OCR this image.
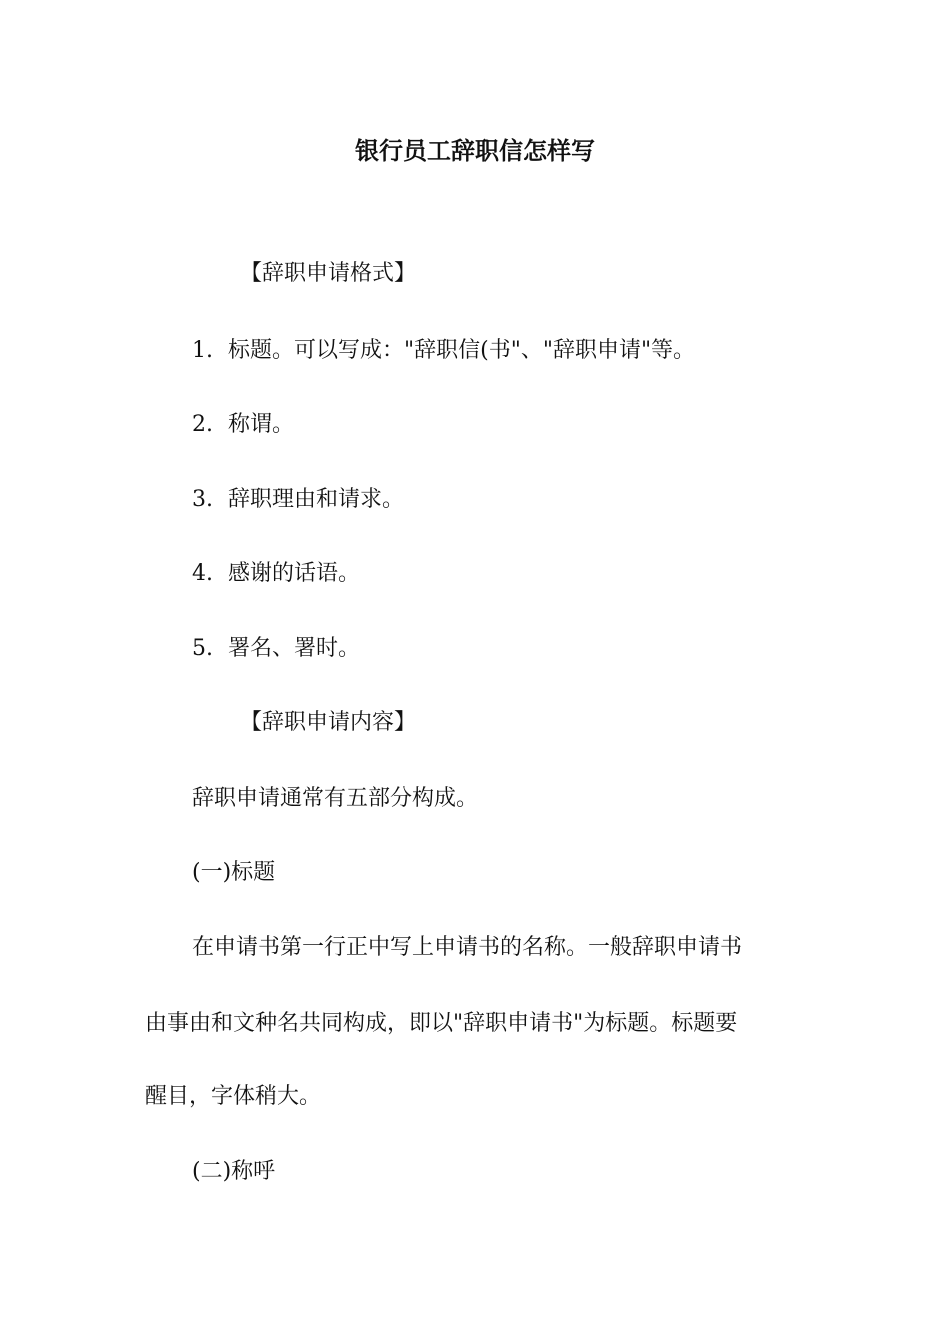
银行员工辞职信怎样写
【辞职申请格式】
1. 标题。可以写成："辞职信(书"、"辞职申请"等。
2. 称谓。
3. 辞职理由和请求。
4. 感谢的话语。
5. 署名、署时。
【辞职申请内容】
辞职申请通常有五部分构成。
(一)标题
在申请书第一行正中写上申请书的名称。一般辞职申请书
由事由和文种名共同构成，即以"辞职申请书"为标题。标题要
醒目，字体稍大。
(二)称呼
